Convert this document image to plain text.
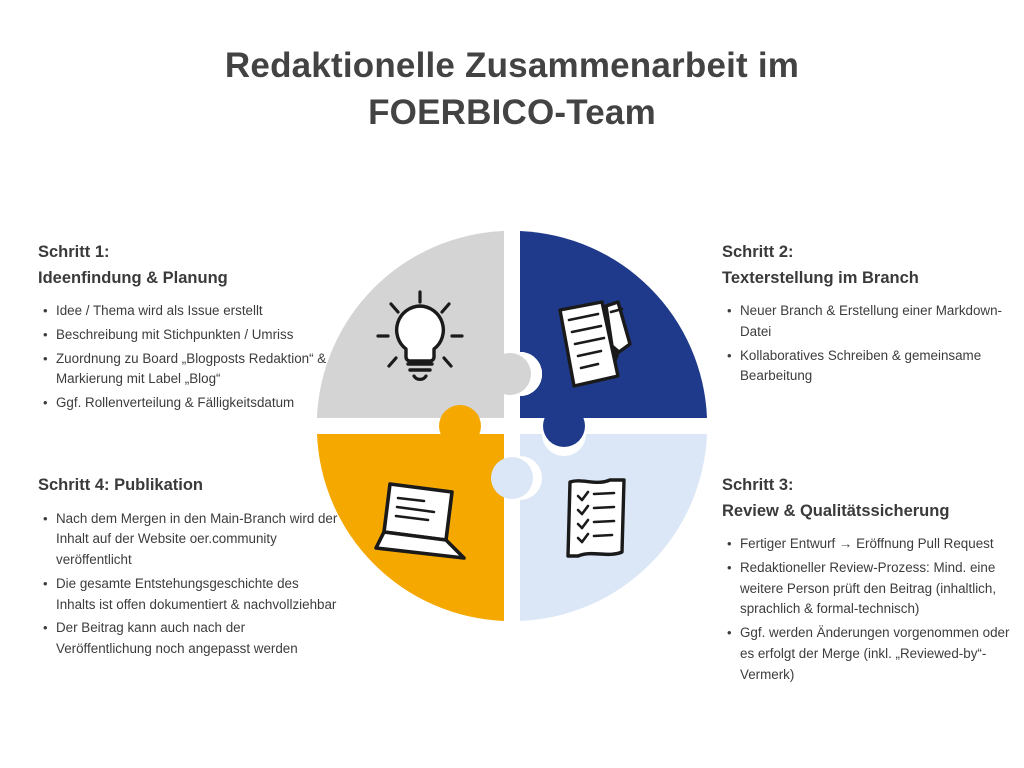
Redaktionelle Zusammenarbeit im
FOERBICO-Team
Schritt 1:
Ideenfindung & Planung
• Idee / Thema wird als Issue erstellt
• Beschreibung mit Stichpunkten / Umriss
• Zuordnung zu Board „Blogposts Redaktion“ & Markierung mit Label „Blog“
• Ggf. Rollenverteilung & Fälligkeitsdatum
Schritt 2:
Texterstellung im Branch
• Neuer Branch & Erstellung einer Markdown-Datei
• Kollaboratives Schreiben & gemeinsame Bearbeitung
Schritt 4: Publikation
• Nach dem Mergen in den Main-Branch wird der Inhalt auf der Website oer.community veröffentlicht
• Die gesamte Entstehungsgeschichte des Inhalts ist offen dokumentiert & nachvollziehbar
• Der Beitrag kann auch nach der Veröffentlichung noch angepasst werden
Schritt 3:
Review & Qualitätssicherung
• Fertiger Entwurf → Eröffnung Pull Request
• Redaktioneller Review-Prozess: Mind. eine weitere Person prüft den Beitrag (inhaltlich, sprachlich & formal-technisch)
• Ggf. werden Änderungen vorgenommen oder es erfolgt der Merge (inkl. „Reviewed-by“-Vermerk)
